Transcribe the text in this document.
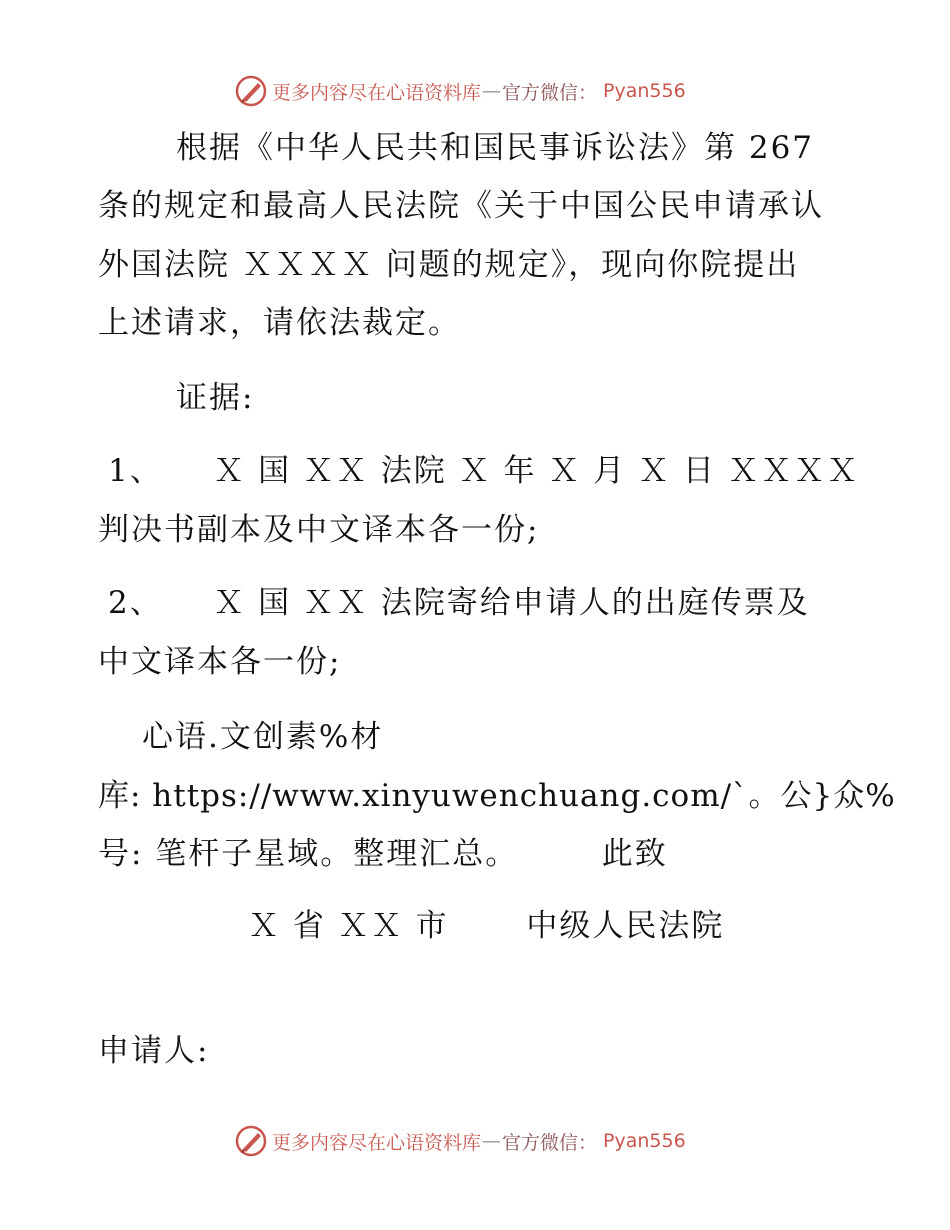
更多内容尽在心语资料库 — 官方微信： Pyan556
根据《中华人民共和国民事诉讼法》第 267
条的规定和最高人民法院《关于中国公民申请承认
外国法院 ＸＸＸＸ 问题的规定》，现向你院提出
上述请求，请依法裁定。
证据:
1、　　Ｘ 国 ＸＸ 法院 Ｘ 年 Ｘ 月 Ｘ 日 ＸＸＸＸ
判决书副本及中文译本各一份;
2、　　Ｘ 国 ＸＸ 法院寄给申请人的出庭传票及
中文译本各一份;
心语.文创素%材
库: https://www.xinyuwenchuang.com/`。公}众%
号: 笔杆子星域。整理汇总。　　　此致
Ｘ 省 ＸＸ 市　　 中级人民法院
申请人:
更多内容尽在心语资料库 — 官方微信： Pyan556
